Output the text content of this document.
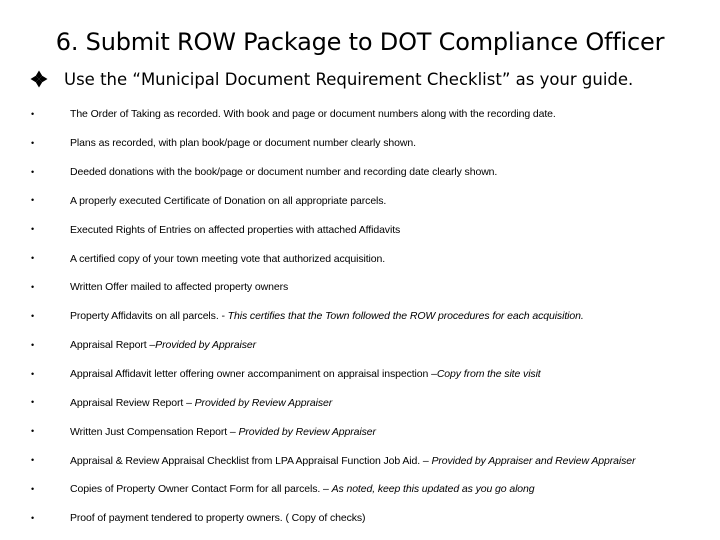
6. Submit ROW Package to DOT Compliance Officer
Use the “Municipal Document Requirement Checklist” as your guide.
•	The Order of Taking as recorded. With book and page or document numbers along with the recording date.
•	Plans as recorded, with plan book/page or document number clearly shown.
•	Deeded donations with the book/page or document number and recording date clearly shown.
•	A properly executed Certificate of Donation on all appropriate parcels.
•	Executed Rights of Entries on affected properties with attached Affidavits
•	A certified copy of your town meeting vote that authorized acquisition.
•	Written Offer mailed to affected property owners
•	Property Affidavits on all parcels. - This certifies that the Town followed the ROW procedures for each acquisition.
•	Appraisal Report –Provided by Appraiser
•	Appraisal Affidavit letter offering owner accompaniment on appraisal inspection –Copy from the site visit
•	Appraisal Review Report – Provided by Review Appraiser
•	Written Just Compensation Report – Provided by Review Appraiser
•	Appraisal & Review Appraisal Checklist from LPA Appraisal Function Job Aid. – Provided by Appraiser and Review Appraiser
•	Copies of Property Owner Contact Form for all parcels. – As noted, keep this updated as you go along
•	Proof of payment tendered to property owners. ( Copy of checks)
